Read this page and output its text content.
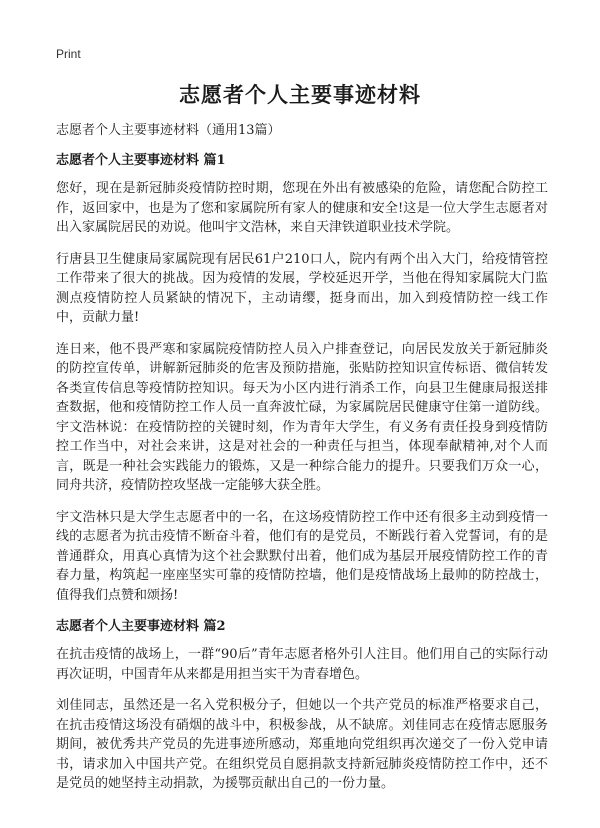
Print
志愿者个人主要事迹材料

志愿者个人主要事迹材料（通用13篇）

志愿者个人主要事迹材料 篇1

您好，现在是新冠肺炎疫情防控时期，您现在外出有被感染的危险，请您配合防控工作，返回家中，也是为了您和家属院所有家人的健康和安全!这是一位大学生志愿者对出入家属院居民的劝说。他叫宇文浩林，来自天津铁道职业技术学院。

行唐县卫生健康局家属院现有居民61户210口人，院内有两个出入大门，给疫情管控工作带来了很大的挑战。因为疫情的发展，学校延迟开学，当他在得知家属院大门监测点疫情防控人员紧缺的情况下，主动请缨，挺身而出，加入到疫情防控一线工作中，贡献力量!

连日来，他不畏严寒和家属院疫情防控人员入户排查登记，向居民发放关于新冠肺炎的防控宣传单，讲解新冠肺炎的危害及预防措施，张贴防控知识宣传标语、微信转发各类宣传信息等疫情防控知识。每天为小区内进行消杀工作，向县卫生健康局报送排查数据，他和疫情防控工作人员一直奔波忙碌，为家属院居民健康守住第一道防线。宇文浩林说：在疫情防控的关键时刻，作为青年大学生，有义务有责任投身到疫情防控工作当中，对社会来讲，这是对社会的一种责任与担当，体现奉献精神,对个人而言，既是一种社会实践能力的锻炼，又是一种综合能力的提升。只要我们万众一心，同舟共济，疫情防控攻坚战一定能够大获全胜。

宇文浩林只是大学生志愿者中的一名，在这场疫情防控工作中还有很多主动到疫情一线的志愿者为抗击疫情不断奋斗着，他们有的是党员，不断践行着入党誓词，有的是普通群众，用真心真情为这个社会默默付出着，他们成为基层开展疫情防控工作的青春力量，构筑起一座座坚实可靠的疫情防控墙，他们是疫情战场上最帅的防控战士，值得我们点赞和颂扬!

志愿者个人主要事迹材料 篇2

在抗击疫情的战场上，一群“90后”青年志愿者格外引人注目。他们用自己的实际行动再次证明，中国青年从来都是用担当实干为青春增色。

刘佳同志，虽然还是一名入党积极分子，但她以一个共产党员的标准严格要求自己，在抗击疫情这场没有硝烟的战斗中，积极参战，从不缺席。刘佳同志在疫情志愿服务期间，被优秀共产党员的先进事迹所感动，郑重地向党组织再次递交了一份入党申请书，请求加入中国共产党。在组织党员自愿捐款支持新冠肺炎疫情防控工作中，还不是党员的她坚持主动捐款，为援鄂贡献出自己的一份力量。
